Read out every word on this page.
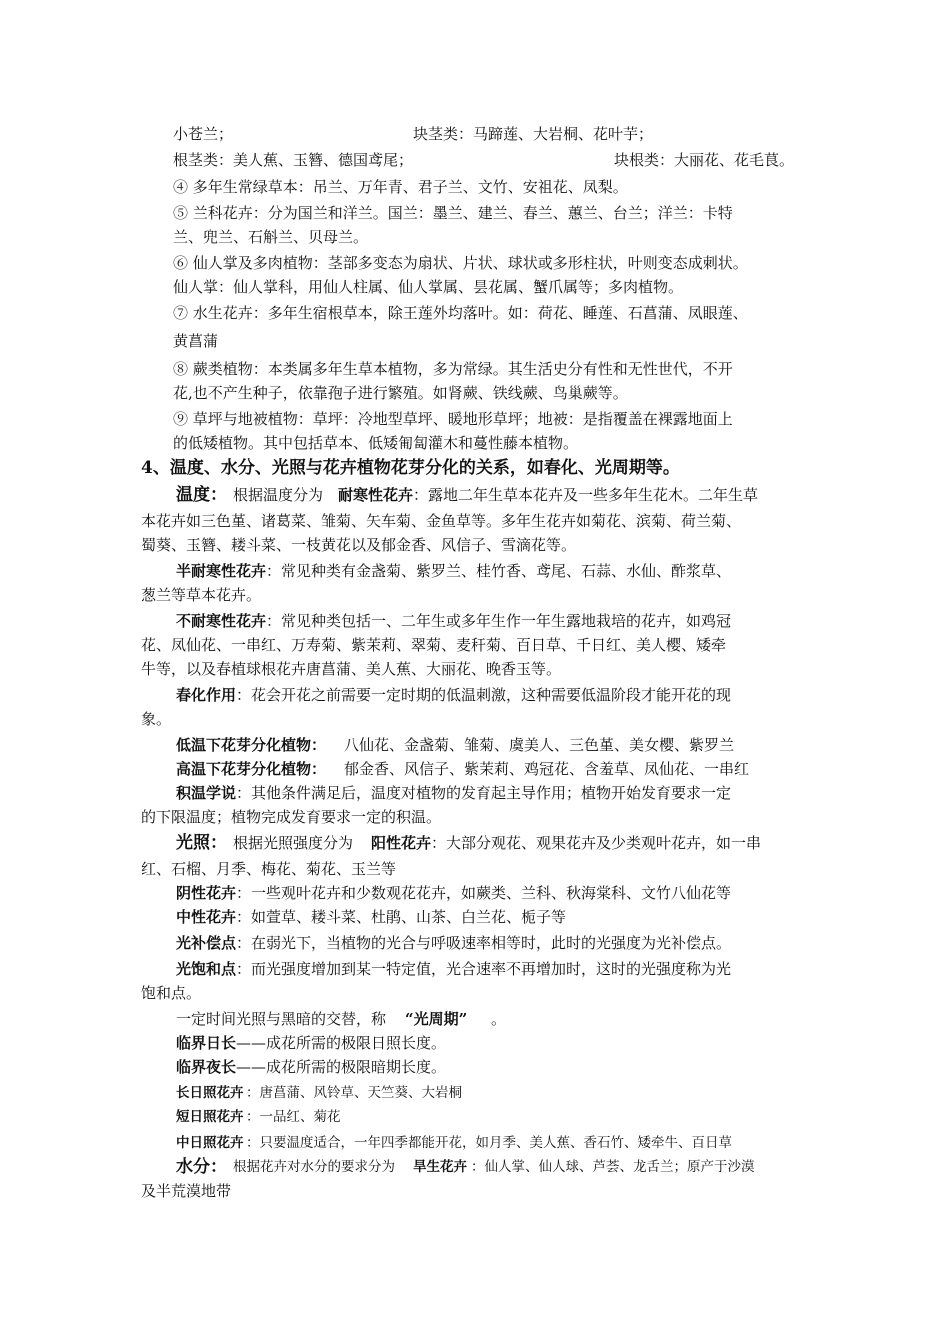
小苍兰；	块茎类：马蹄莲、大岩桐、花叶芋；
根茎类：美人蕉、玉簪、德国鸢尾；	块根类：大丽花、花毛茛。
④ 多年生常绿草本：吊兰、万年青、君子兰、文竹、安祖花、凤梨。
⑤ 兰科花卉：分为国兰和洋兰。国兰：墨兰、建兰、春兰、蕙兰、台兰；洋兰：卡特
兰、兜兰、石斛兰、贝母兰。
⑥ 仙人掌及多肉植物：茎部多变态为扇状、片状、球状或多形柱状，叶则变态成刺状。
仙人掌：仙人掌科，用仙人柱属、仙人掌属、昙花属、蟹爪属等；多肉植物。
⑦ 水生花卉：多年生宿根草本，除王莲外均落叶。如：荷花、睡莲、石菖蒲、凤眼莲、
黄菖蒲
⑧ 蕨类植物：本类属多年生草本植物，多为常绿。其生活史分有性和无性世代，不开
花,也不产生种子，依靠孢子进行繁殖。如肾蕨、铁线蕨、鸟巢蕨等。
⑨ 草坪与地被植物：草坪：冷地型草坪、暖地形草坪；地被：是指覆盖在裸露地面上
的低矮植物。其中包括草本、低矮匍匐灌木和蔓性藤本植物。
4、温度、水分、光照与花卉植物花芽分化的关系，如春化、光周期等。
温度： 根据温度分为 耐寒性花卉 ：露地二年生草本花卉及一些多年生花木。二年生草
本花卉如三色堇、诸葛菜、雏菊、矢车菊、金鱼草等。多年生花卉如菊花、滨菊、荷兰菊、
蜀葵、玉簪、耧斗菜、一枝黄花以及郁金香、风信子、雪滴花等。
半耐寒性花卉 ：常见种类有金盏菊、紫罗兰、桂竹香、鸢尾、石蒜、水仙、酢浆草、
葱兰等草本花卉。
不耐寒性花卉 ：常见种类包括一、二年生或多年生作一年生露地栽培的花卉，如鸡冠
花、凤仙花、一串红、万寿菊、紫茉莉、翠菊、麦秆菊、百日草、千日红、美人樱、矮牵
牛等，以及春植球根花卉唐菖蒲、美人蕉、大丽花、晚香玉等。
春化作用 ：花会开花之前需要一定时期的低温刺激，这种需要低温阶段才能开花的现
象。
低温下花芽分化植物： 八仙花、金盏菊、雏菊、虞美人、三色堇、美女樱、紫罗兰
高温下花芽分化植物： 郁金香、风信子、紫茉莉、鸡冠花、含羞草、凤仙花、一串红
积温学说 ：其他条件满足后，温度对植物的发育起主导作用；植物开始发育要求一定
的下限温度；植物完成发育要求一定的积温。
光照： 根据光照强度分为 阳性花卉 ：大部分观花、观果花卉及少类观叶花卉，如一串
红、石榴、月季、梅花、菊花、玉兰等
阴性花卉 ：一些观叶花卉和少数观花花卉，如蕨类、兰科、秋海棠科、文竹八仙花等
中性花卉 ：如萱草、耧斗菜、杜鹃、山茶、白兰花、栀子等
光补偿点 ：在弱光下，当植物的光合与呼吸速率相等时，此时的光强度为光补偿点。
光饱和点 ：而光强度增加到某一特定值，光合速率不再增加时，这时的光强度称为光
饱和点。
一定时间光照与黑暗的交替，称 “光周期” 。
临界日长 ——成花所需的极限日照长度。
临界夜长 ——成花所需的极限暗期长度。
长日照花卉 ：唐菖蒲、风铃草、天竺葵、大岩桐
短日照花卉 ：一品红、菊花
中日照花卉 ：只要温度适合，一年四季都能开花，如月季、美人蕉、香石竹、矮牵牛、百日草
水分： 根据花卉对水分的要求分为 旱生花卉 ：仙人掌、仙人球、芦荟、龙舌兰；原产于沙漠
及半荒漠地带
